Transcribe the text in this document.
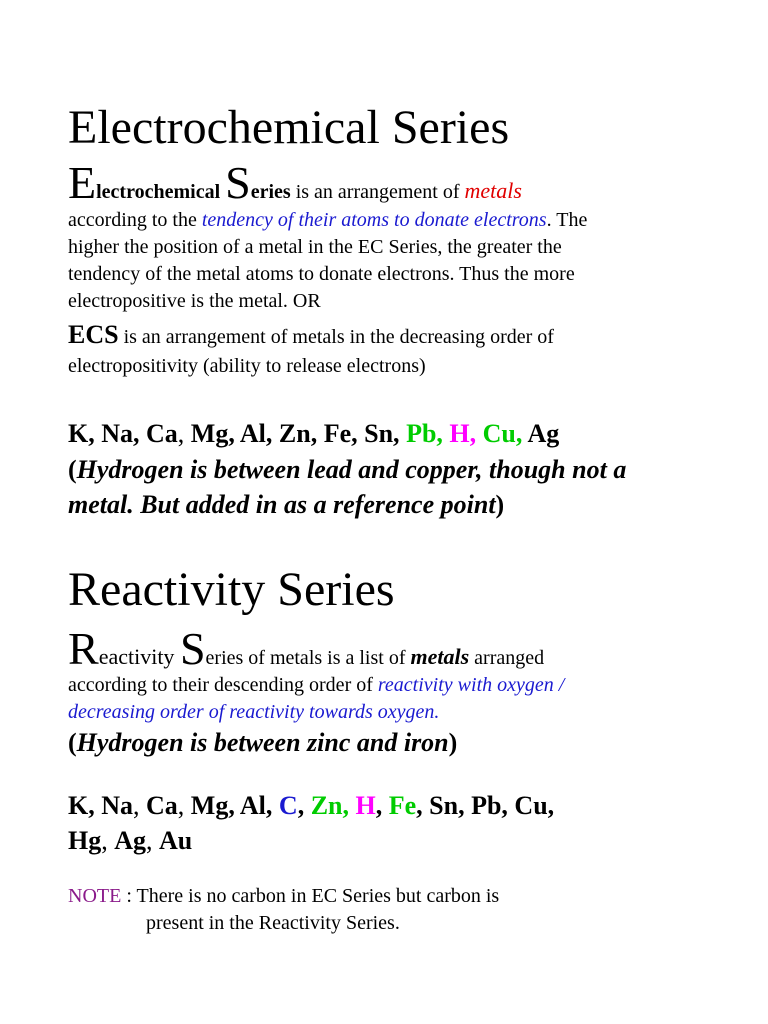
Electrochemical Series
Electrochemical Series is an arrangement of metals
according to the tendency of their atoms to donate electrons. The
higher the position of a metal in the EC Series, the greater the
tendency of the metal atoms to donate electrons. Thus the more
electropositive is the metal. OR
ECS is an arrangement of metals in the decreasing order of
electropositivity (ability to release electrons)
K, Na, Ca, Mg, Al, Zn, Fe, Sn, Pb, H, Cu, Ag
(Hydrogen is between lead and copper, though not a
metal. But added in as a reference point)
Reactivity Series
Reactivity Series of metals is a list of metals arranged
according to their descending order of reactivity with oxygen /
decreasing order of reactivity towards oxygen.
(Hydrogen is between zinc and iron)
K, Na, Ca, Mg, Al, C, Zn, H, Fe, Sn, Pb, Cu,
Hg, Ag, Au
NOTE : There is no carbon in EC Series but carbon is
present in the Reactivity Series.
